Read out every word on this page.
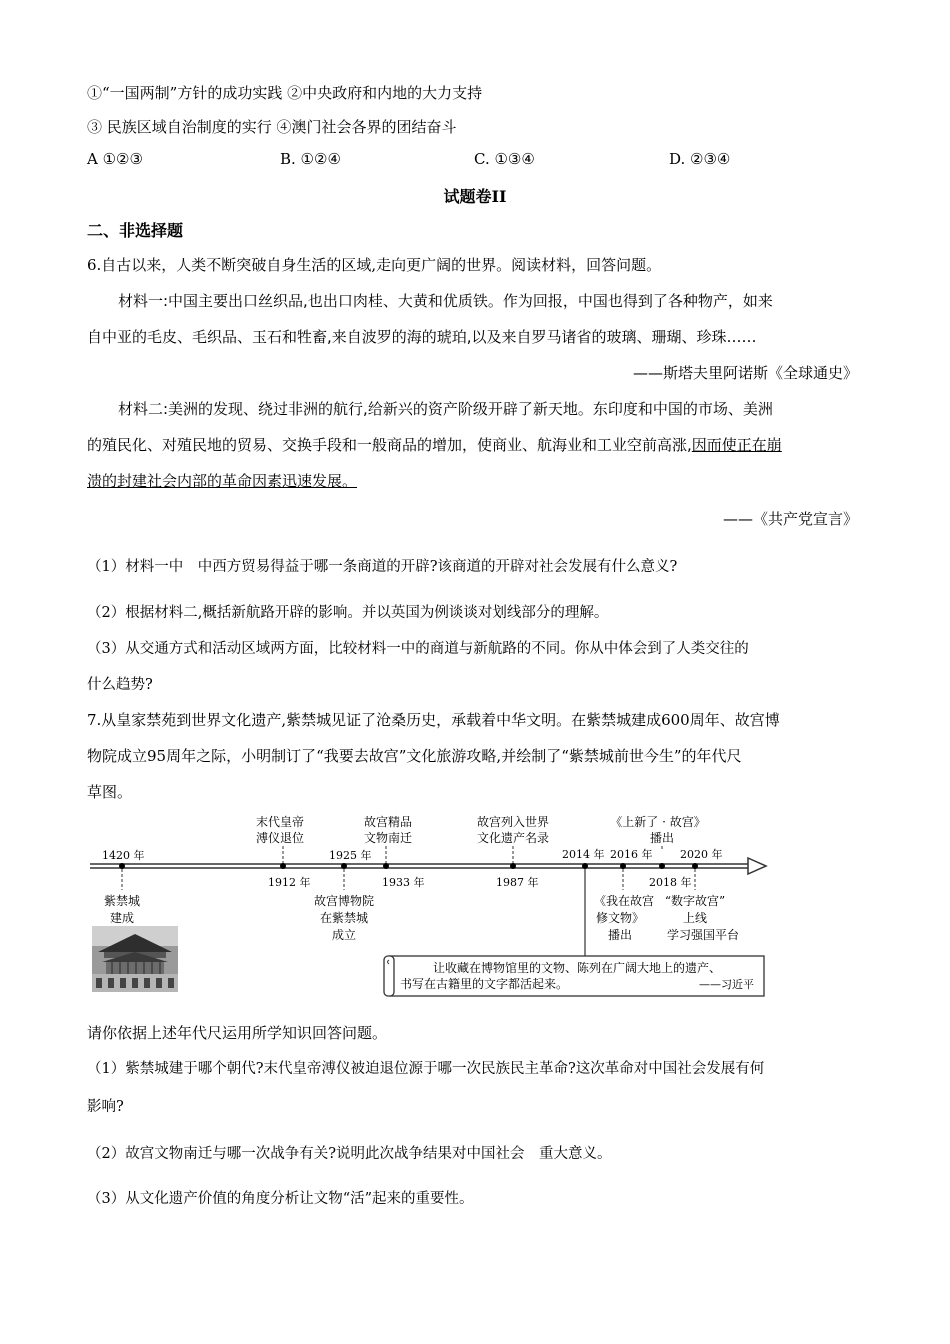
①“一国两制”方针的成功实践 ②中央政府和内地的大力支持
③ 民族区域自治制度的实行 ④澳门社会各界的团结奋斗
A ①②③	B. ①②④	C. ①③④	D. ②③④
试题卷II
二、非选择题
6.自古以来，人类不断突破自身生活的区域,走向更广阔的世界。阅读材料，回答问题。
材料一:中国主要出口丝织品,也出口肉桂、大黄和优质铁。作为回报，中国也得到了各种物产，如来
自中亚的毛皮、毛织品、玉石和牲畜,来自波罗的海的琥珀,以及来自罗马诸省的玻璃、珊瑚、珍珠……
——斯塔夫里阿诺斯《全球通史》
材料二:美洲的发现、绕过非洲的航行,给新兴的资产阶级开辟了新天地。东印度和中国的市场、美洲
的殖民化、对殖民地的贸易、交换手段和一般商品的增加，使商业、航海业和工业空前高涨,因而使正在崩
溃的封建社会内部的革命因素迅速发展。
——《共产党宣言》
（1）材料一中　中西方贸易得益于哪一条商道的开辟?该商道的开辟对社会发展有什么意义?
（2）根据材料二,概括新航路开辟的影响。并以英国为例谈谈对划线部分的理解。
（3）从交通方式和活动区域两方面，比较材料一中的商道与新航路的不同。你从中体会到了人类交往的
什么趋势?
7.从皇家禁苑到世界文化遗产,紫禁城见证了沧桑历史，承载着中华文明。在紫禁城建成600周年、故宫博
物院成立95周年之际，小明制订了“我要去故宫”文化旅游攻略,并绘制了“紫禁城前世今生”的年代尺
草图。
1420 年
1912 年
1925 年
1933 年	1987 年
2014 年 2016 年
2018 年
2020 年
末代皇帝
溥仪退位
故宫精品
文物南迁
故宫列入世界
文化遗产名录
《上新了 · 故宫》
播出
紫禁城
建成
故宫博物院
在紫禁城
成立
《我在故宫
修文物》
播出
“数字故宫”
上线
学习强国平台
让收藏在博物馆里的文物、陈列在广阔大地上的遗产、
书写在古籍里的文字都活起来。	——习近平
请你依据上述年代尺运用所学知识回答问题。
（1）紫禁城建于哪个朝代?末代皇帝溥仪被迫退位源于哪一次民族民主革命?这次革命对中国社会发展有何
影响?
（2）故宫文物南迁与哪一次战争有关?说明此次战争结果对中国社会　重大意义。
（3）从文化遗产价值的角度分析让文物“活”起来的重要性。
